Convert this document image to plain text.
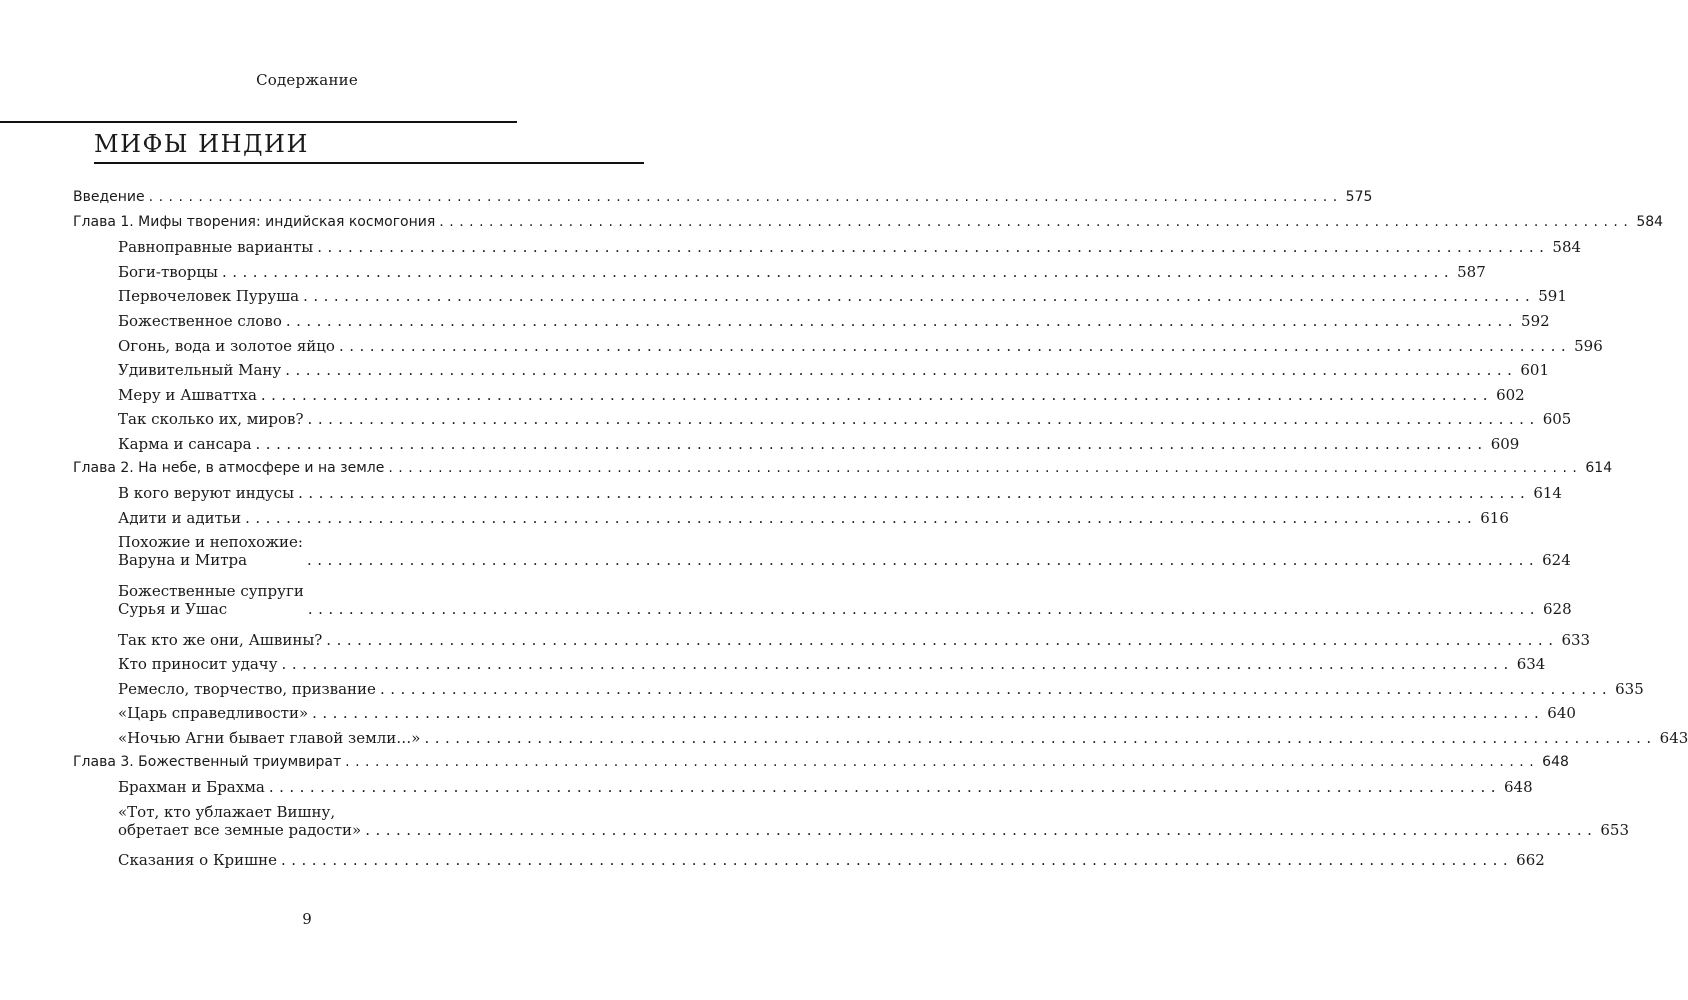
Содержание
МИФЫ ИНДИИ
Введение ........................................................................................................................ 575
Глава 1. Мифы творения: индийская космогония ........................................................................................................................ 584
Равноправные варианты ........................................................................................................................ 584
Боги-творцы ........................................................................................................................ 587
Первочеловек Пуруша ........................................................................................................................ 591
Божественное слово ........................................................................................................................ 592
Огонь, вода и золотое яйцо ........................................................................................................................ 596
Удивительный Ману ........................................................................................................................ 601
Меру и Ашваттха ........................................................................................................................ 602
Так сколько их, миров? ........................................................................................................................ 605
Карма и сансара ........................................................................................................................ 609
Глава 2. На небе, в атмосфере и на земле ........................................................................................................................ 614
В кого веруют индусы ........................................................................................................................ 614
Адити и адитьи ........................................................................................................................ 616
Похожие и непохожие:
Варуна и Митра	........................................................................................................................ 624
Божественные супруги
Сурья и Ушас	........................................................................................................................ 628
Так кто же они, Ашвины? ........................................................................................................................ 633
Кто приносит удачу ........................................................................................................................ 634
Ремесло, творчество, призвание ........................................................................................................................ 635
«Царь справедливости» ........................................................................................................................ 640
«Ночью Агни бывает главой земли…» ........................................................................................................................ 643
Глава 3. Божественный триумвират ........................................................................................................................ 648
Брахман и Брахма ........................................................................................................................ 648
«Тот, кто ублажает Вишну,
обретает все земные радости» ........................................................................................................................ 653
Сказания о Кришне ........................................................................................................................ 662
9
